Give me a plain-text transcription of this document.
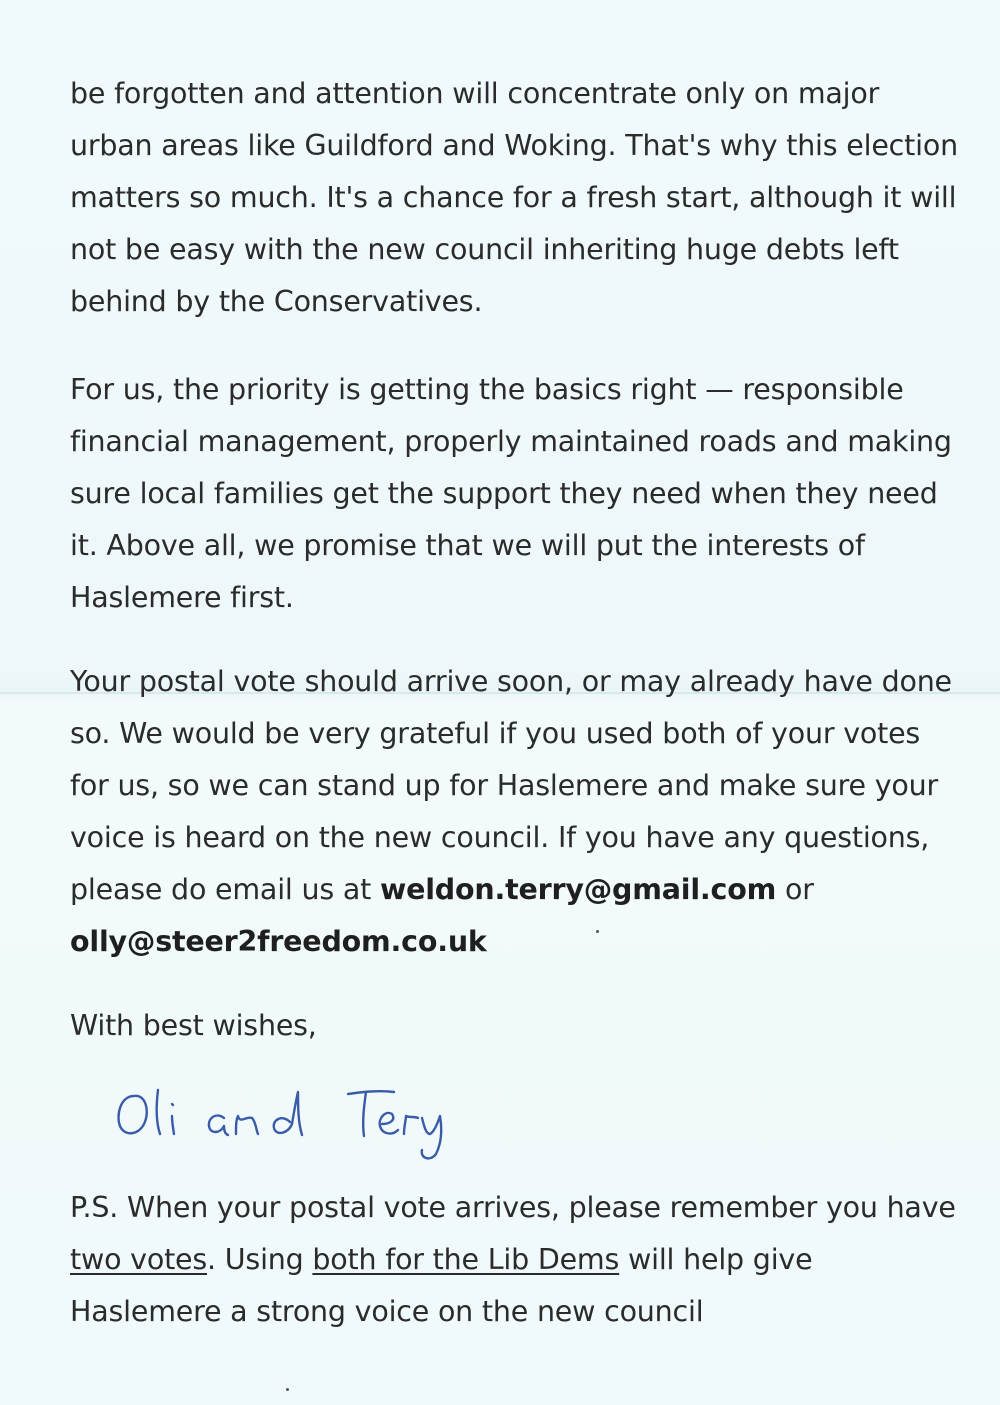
be forgotten and attention will concentrate only on major
urban areas like Guildford and Woking. That's why this election
matters so much. It's a chance for a fresh start, although it will
not be easy with the new council inheriting huge debts left
behind by the Conservatives.
For us, the priority is getting the basics right — responsible
financial management, properly maintained roads and making
sure local families get the support they need when they need
it. Above all, we promise that we will put the interests of
Haslemere first.
Your postal vote should arrive soon, or may already have done
so. We would be very grateful if you used both of your votes
for us, so we can stand up for Haslemere and make sure your
voice is heard on the new council. If you have any questions,
please do email us at weldon.terry@gmail.com or
olly@steer2freedom.co.uk
With best wishes,
P.S. When your postal vote arrives, please remember you have
two votes. Using both for the Lib Dems will help give
Haslemere a strong voice on the new council
